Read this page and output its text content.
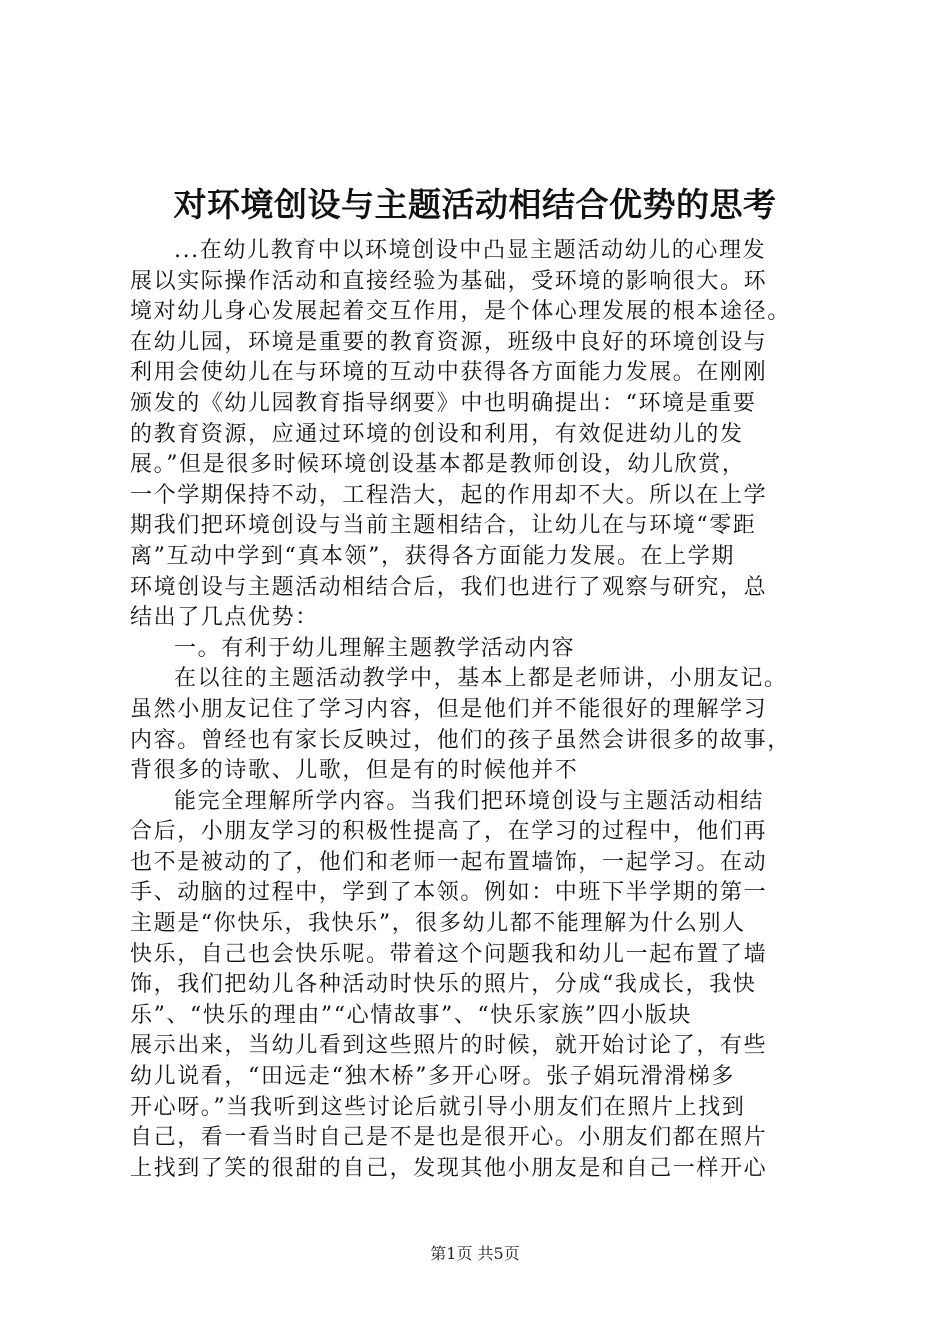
对环境创设与主题活动相结合优势的思考
...在幼儿教育中以环境创设中凸显主题活动幼儿的心理发
展以实际操作活动和直接经验为基础，受环境的影响很大。环
境对幼儿身心发展起着交互作用，是个体心理发展的根本途径。
在幼儿园，环境是重要的教育资源，班级中良好的环境创设与
利用会使幼儿在与环境的互动中获得各方面能力发展。在刚刚
颁发的《幼儿园教育指导纲要》中也明确提出：“环境是重要
的教育资源，应通过环境的创设和利用，有效促进幼儿的发
展。”但是很多时候环境创设基本都是教师创设，幼儿欣赏，
一个学期保持不动，工程浩大，起的作用却不大。所以在上学
期我们把环境创设与当前主题相结合，让幼儿在与环境“零距
离”互动中学到“真本领”，获得各方面能力发展。在上学期
环境创设与主题活动相结合后，我们也进行了观察与研究，总
结出了几点优势：
一。有利于幼儿理解主题教学活动内容
在以往的主题活动教学中，基本上都是老师讲，小朋友记。
虽然小朋友记住了学习内容，但是他们并不能很好的理解学习
内容。曾经也有家长反映过，他们的孩子虽然会讲很多的故事，
背很多的诗歌、儿歌，但是有的时候他并不
能完全理解所学内容。当我们把环境创设与主题活动相结
合后，小朋友学习的积极性提高了，在学习的过程中，他们再
也不是被动的了，他们和老师一起布置墙饰，一起学习。在动
手、动脑的过程中，学到了本领。例如：中班下半学期的第一
主题是“你快乐，我快乐”，很多幼儿都不能理解为什么别人
快乐，自己也会快乐呢。带着这个问题我和幼儿一起布置了墙
饰，我们把幼儿各种活动时快乐的照片，分成“我成长，我快
乐”、“快乐的理由”“心情故事”、“快乐家族”四小版块
展示出来，当幼儿看到这些照片的时候，就开始讨论了，有些
幼儿说看，“田远走“独木桥”多开心呀。张子娟玩滑滑梯多
开心呀。”当我听到这些讨论后就引导小朋友们在照片上找到
自己，看一看当时自己是不是也是很开心。小朋友们都在照片
上找到了笑的很甜的自己，发现其他小朋友是和自己一样开心
第1页 共5页
